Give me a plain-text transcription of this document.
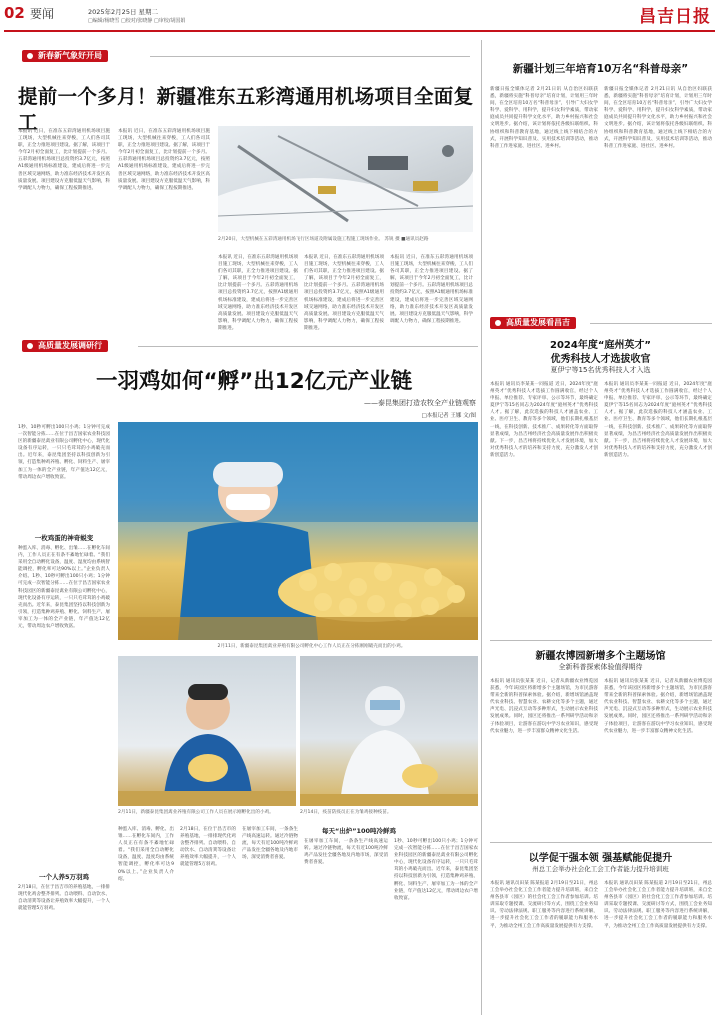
02 要闻	2025年2月25日 星期二
□编辑/杨晓雪 □校对/张晓静 □审校/胡国娟	昌吉日报
新春新气象好开局
提前一个多月！新疆准东五彩湾通用机场项目全面复工
本报讯 近日，在准东五彩湾通用机场项目施工现场，大型机械往来穿梭，工人们各司其职，正全力推进项目建设。据了解，该项目于今年2月初全面复工，比计划提前一个多月。五彩湾通用机场项目总投资约3.7亿元，按照A1级通用机场标准建设，建成后将进一步完善区域交通网络，助力准东经济技术开发区高质量发展。项目建设方克服低温天气影响，科学调配人力物力，确保工程按期推进。
本报讯 近日，在准东五彩湾通用机场项目施工现场，大型机械往来穿梭，工人们各司其职，正全力推进项目建设。据了解，该项目于今年2月初全面复工，比计划提前一个多月。五彩湾通用机场项目总投资约3.7亿元，按照A1级通用机场标准建设，建成后将进一步完善区域交通网络，助力准东经济技术开发区高质量发展。项目建设方克服低温天气影响，科学调配人力物力，确保工程按期推进。
2月20日，大型机械在五彩湾通用机场飞行区场道及附属设施工程施工现场作业。 苏锐 摄 ■通讯员赵路
本报讯 近日，在准东五彩湾通用机场项目施工现场，大型机械往来穿梭，工人们各司其职，正全力推进项目建设。据了解，该项目于今年2月初全面复工，比计划提前一个多月。五彩湾通用机场项目总投资约3.7亿元，按照A1级通用机场标准建设，建成后将进一步完善区域交通网络，助力准东经济技术开发区高质量发展。项目建设方克服低温天气影响，科学调配人力物力，确保工程按期推进。
本报讯 近日，在准东五彩湾通用机场项目施工现场，大型机械往来穿梭，工人们各司其职，正全力推进项目建设。据了解，该项目于今年2月初全面复工，比计划提前一个多月。五彩湾通用机场项目总投资约3.7亿元，按照A1级通用机场标准建设，建成后将进一步完善区域交通网络，助力准东经济技术开发区高质量发展。项目建设方克服低温天气影响，科学调配人力物力，确保工程按期推进。
本报讯 近日，在准东五彩湾通用机场项目施工现场，大型机械往来穿梭，工人们各司其职，正全力推进项目建设。据了解，该项目于今年2月初全面复工，比计划提前一个多月。五彩湾通用机场项目总投资约3.7亿元，按照A1级通用机场标准建设，建成后将进一步完善区域交通网络，助力准东经济技术开发区高质量发展。项目建设方克服低温天气影响，科学调配人力物力，确保工程按期推进。
高质量发展调研行
一羽鸡如何“孵”出12亿元产业链
——泰昆集团打造农牧全产业链观察
□本报记者 王娜 文/图
1秒、10秒可孵出100只小鸡；1分钟可完成一次智能分拣……在位于昌吉国家农业科技园区的新疆泰昆禽业有限公司孵化中心，现代化设备有序运转，一只只毛茸茸的小鸡破壳而出。近年来，泰昆集团坚持以科技创新为引领，打造集种鸡养殖、孵化、饲料生产、屠宰加工为一体的全产业链，年产值达12亿元，带动周边农户增收致富。
一枚鸡蛋的神奇蜕变
种蛋入库、消毒、孵化、出雏……在孵化车间内，工作人员正在有条不紊地忙碌着。“我们采用全自动孵化设备，温度、湿度均由系统智能调控，孵化率可达90%以上。”企业负责人介绍。1秒、10秒可孵出100只小鸡；1分钟可完成一次智能分拣……在位于昌吉国家农业科技园区的新疆泰昆禽业有限公司孵化中心，现代化设备有序运转，一只只毛茸茸的小鸡破壳而出。近年来，泰昆集团坚持以科技创新为引领，打造集种鸡养殖、孵化、饲料生产、屠宰加工为一体的全产业链，年产值达12亿元，带动周边农户增收致富。
一个人养5万羽鸡
2月18日，在位于昌吉市的养殖基地，一排排现代化鸡舍整齐排列。自动喂料、自动饮水、自动清粪等设备让养殖效率大幅提升，一个人就能管理5万羽鸡。
2月11日，新疆泰昆集团禽业养殖有限公司孵化中心工作人员正在分拣刚刚破壳而出的小鸡。
2月11日，新疆泰昆集团禽业养殖有限公司工作人员在展示刚孵化出的小鸡。	2月14日，疫苗防疫员正在为雏鸡接种疫苗。
种蛋入库、消毒、孵化、出雏……在孵化车间内，工作人员正在有条不紊地忙碌着。“我们采用全自动孵化设备，温度、湿度均由系统智能调控，孵化率可达90%以上。”企业负责人介绍。
2月18日，在位于昌吉市的养殖基地，一排排现代化鸡舍整齐排列。自动喂料、自动饮水、自动清粪等设备让养殖效率大幅提升，一个人就能管理5万羽鸡。
在屠宰加工车间，一条条生产线高速运转。通过冷链物流，每天有近100吨冷鲜鸡产品发往全疆各地及内地市场，深受消费者喜爱。
每天“出炉”100吨冷鲜鸡
在屠宰加工车间，一条条生产线高速运转。通过冷链物流，每天有近100吨冷鲜鸡产品发往全疆各地及内地市场，深受消费者喜爱。
1秒、10秒可孵出100只小鸡；1分钟可完成一次智能分拣……在位于昌吉国家农业科技园区的新疆泰昆禽业有限公司孵化中心，现代化设备有序运转，一只只毛茸茸的小鸡破壳而出。近年来，泰昆集团坚持以科技创新为引领，打造集种鸡养殖、孵化、饲料生产、屠宰加工为一体的全产业链，年产值达12亿元，带动周边农户增收致富。
新疆计划三年培育10万名“科普母亲”
新疆日报全媒体记者 2月21日讯 从自治区妇联获悉，新疆将实施“科普母亲”培育计划，计划用三年时间，在全区培育10万名“科普母亲”，引导广大妇女学科学、爱科学、用科学，提升妇女科学素质，带动家庭成员共同提升科学文化水平，助力乡村振兴和社会文明进步。据介绍，该计划将依托各级妇联组织、科协组织和科普教育基地，通过线上线下相结合的方式，开展科学知识普及、实用技术培训等活动，推动科普工作进家庭、进社区、进乡村。
新疆日报全媒体记者 2月21日讯 从自治区妇联获悉，新疆将实施“科普母亲”培育计划，计划用三年时间，在全区培育10万名“科普母亲”，引导广大妇女学科学、爱科学、用科学，提升妇女科学素质，带动家庭成员共同提升科学文化水平，助力乡村振兴和社会文明进步。据介绍，该计划将依托各级妇联组织、科协组织和科普教育基地，通过线上线下相结合的方式，开展科学知识普及、实用技术培训等活动，推动科普工作进家庭、进社区、进乡村。
高质量发展看昌吉
2024年度“庭州英才”
优秀科技人才选拔收官
夏伊宁等15名优秀科技人才入选
本报讯 通讯员李某某一同报道 近日，2024年度“庭州英才”优秀科技人才选拔工作圆满收官，经过个人申报、单位推荐、专家评审、公示等环节，最终确定夏伊宁等15名同志为2024年度“庭州英才”优秀科技人才。据了解，此次选拔的科技人才涵盖农业、工业、医疗卫生、教育等多个领域，他们长期扎根基层一线，在科技创新、技术推广、成果转化等方面取得显著成绩，为昌吉州经济社会高质量发展作出积极贡献。下一步，昌吉州将持续优化人才发展环境，加大对优秀科技人才的培养和支持力度，充分激发人才创新创造活力。
本报讯 通讯员李某某一同报道 近日，2024年度“庭州英才”优秀科技人才选拔工作圆满收官，经过个人申报、单位推荐、专家评审、公示等环节，最终确定夏伊宁等15名同志为2024年度“庭州英才”优秀科技人才。据了解，此次选拔的科技人才涵盖农业、工业、医疗卫生、教育等多个领域，他们长期扎根基层一线，在科技创新、技术推广、成果转化等方面取得显著成绩，为昌吉州经济社会高质量发展作出积极贡献。下一步，昌吉州将持续优化人才发展环境，加大对优秀科技人才的培养和支持力度，充分激发人才创新创造活力。
新疆农博园新增多个主题场馆
全新科普探索体验值得期待
本报讯 通讯员张某某 近日，记者从新疆农业博览园获悉，今年该园区将新增多个主题场馆，为市民游客带来全新的科普探索体验。据介绍，新增场馆涵盖现代农业科技、智慧农业、农耕文化等多个主题，通过声光电、沉浸式互动等多种形式，生动展示农业科技发展成果。同时，园区还将推出一系列研学活动和亲子体验项目，让游客在游玩中学习农业知识，感受现代农业魅力，进一步丰富群众精神文化生活。
本报讯 通讯员张某某 近日，记者从新疆农业博览园获悉，今年该园区将新增多个主题场馆，为市民游客带来全新的科普探索体验。据介绍，新增场馆涵盖现代农业科技、智慧农业、农耕文化等多个主题，通过声光电、沉浸式互动等多种形式，生动展示农业科技发展成果。同时，园区还将推出一系列研学活动和亲子体验项目，让游客在游玩中学习农业知识，感受现代农业魅力，进一步丰富群众精神文化生活。
以学促干强本领 强基赋能促提升
州总工会举办社会化工会工作者能力提升培训班
本报讯 通讯员田某 陈某报道 2月19日至21日，州总工会举办社会化工会工作者能力提升培训班，来自全州各县市（园区）的社会化工会工作者参加培训。培训采取专题授课、交流研讨等方式，围绕工会业务知识、劳动法律法规、职工服务等内容进行系统讲解，进一步提升社会化工会工作者的履职能力和服务水平，为推动全州工会工作高质量发展提供有力支撑。
本报讯 通讯员田某 陈某报道 2月19日至21日，州总工会举办社会化工会工作者能力提升培训班，来自全州各县市（园区）的社会化工会工作者参加培训。培训采取专题授课、交流研讨等方式，围绕工会业务知识、劳动法律法规、职工服务等内容进行系统讲解，进一步提升社会化工会工作者的履职能力和服务水平，为推动全州工会工作高质量发展提供有力支撑。
